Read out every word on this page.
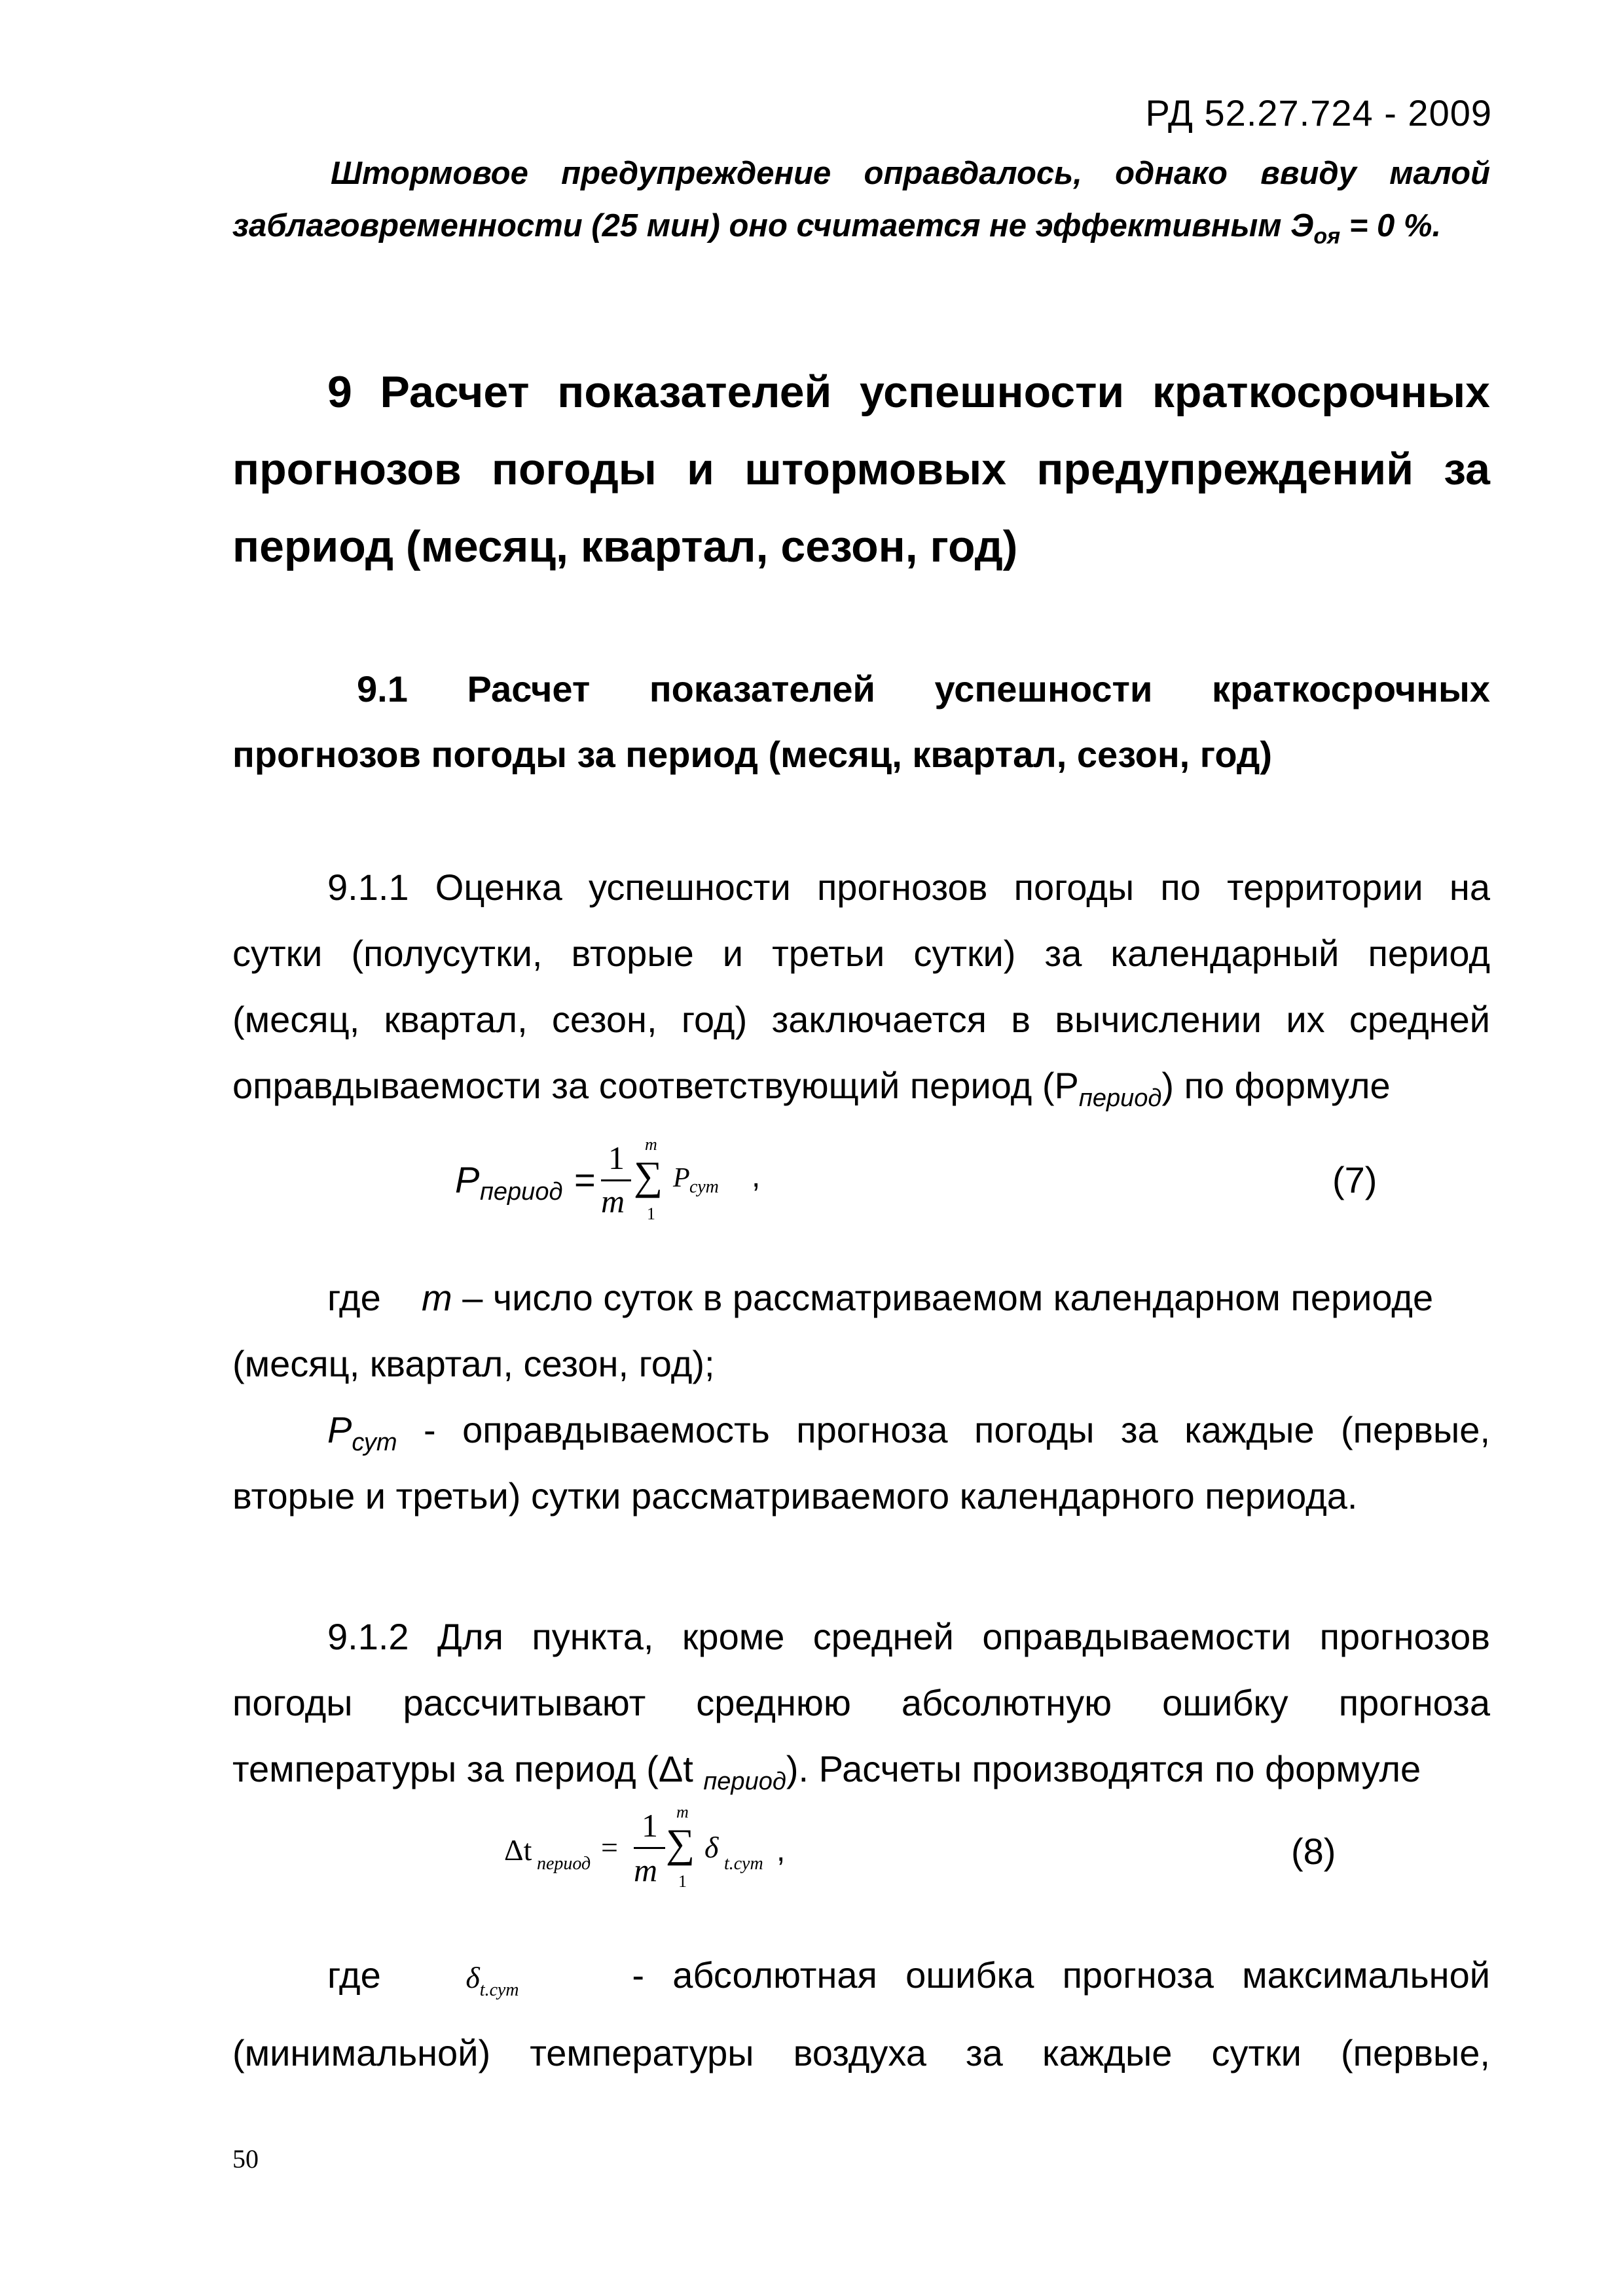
РД 52.27.724 - 2009
Штормовое предупреждение оправдалось, однако ввиду малой
заблаговременности (25 мин) оно считается не эффективным $Э_{оя} = 0$ %.
9 Расчет показателей успешности краткосрочных
прогнозов погоды и штормовых предупреждений за
период (месяц, квартал, сезон, год)
9.1 Расчет показателей успешности краткосрочных
прогнозов погоды за период (месяц, квартал, сезон, год)
9.1.1 Оценка успешности прогнозов погоды по территории на
сутки (полусутки, вторые и третьи сутки) за календарный период
(месяц, квартал, сезон, год) заключается в вычислении их средней
оправдываемости за соответствующий период $(Р_{период})$ по формуле
P период =
1
m
m
∑
1
P сут ,	(7)
где m – число суток в рассматриваемом календарном периоде
(месяц, квартал, сезон, год);
$P_{сут}$ - оправдываемость прогноза погоды за каждые (первые,
вторые и третьи) сутки рассматриваемого календарного периода.
9.1.2 Для пункта, кроме средней оправдываемости прогнозов
погоды рассчитывают среднюю абсолютную ошибку прогноза
температуры за период (Δt $_{период}$). Расчеты производятся по формуле
Δt период =
1
m
m
∑
1
δ t.сут ,	(8)
где	$\delta_{t.сут}$	- абсолютная ошибка прогноза максимальной
(минимальной) температуры воздуха за каждые сутки (первые,
50
